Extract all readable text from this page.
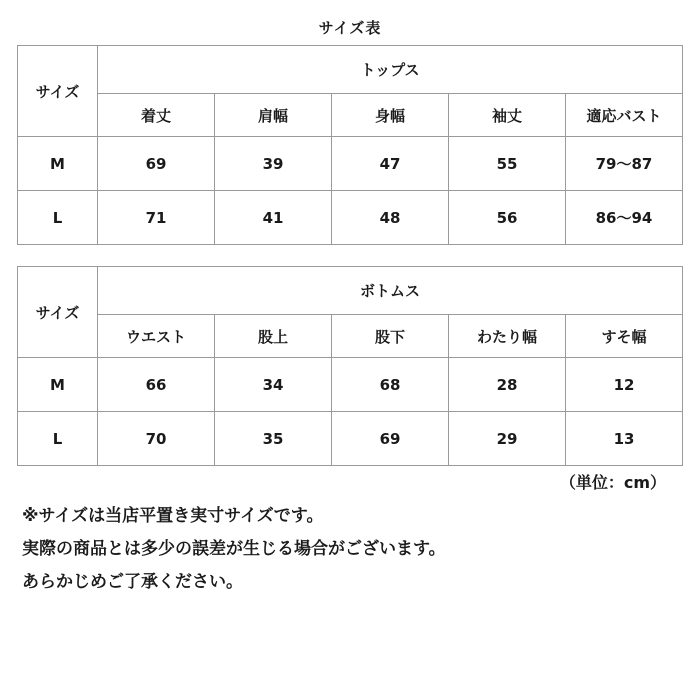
サイズ表
サイズ	トップス				
	着丈	肩幅	身幅	袖丈	適応バスト
M	69	39	47	55	79～87
L	71	41	48	56	86～94
サイズ	ボトムス				
	ウエスト	股上	股下	わたり幅	すそ幅
M	66	34	68	28	12
L	70	35	69	29	13
（単位：cm）
※サイズは当店平置き実寸サイズです。
実際の商品とは多少の誤差が生じる場合がございます。
あらかじめご了承ください。
